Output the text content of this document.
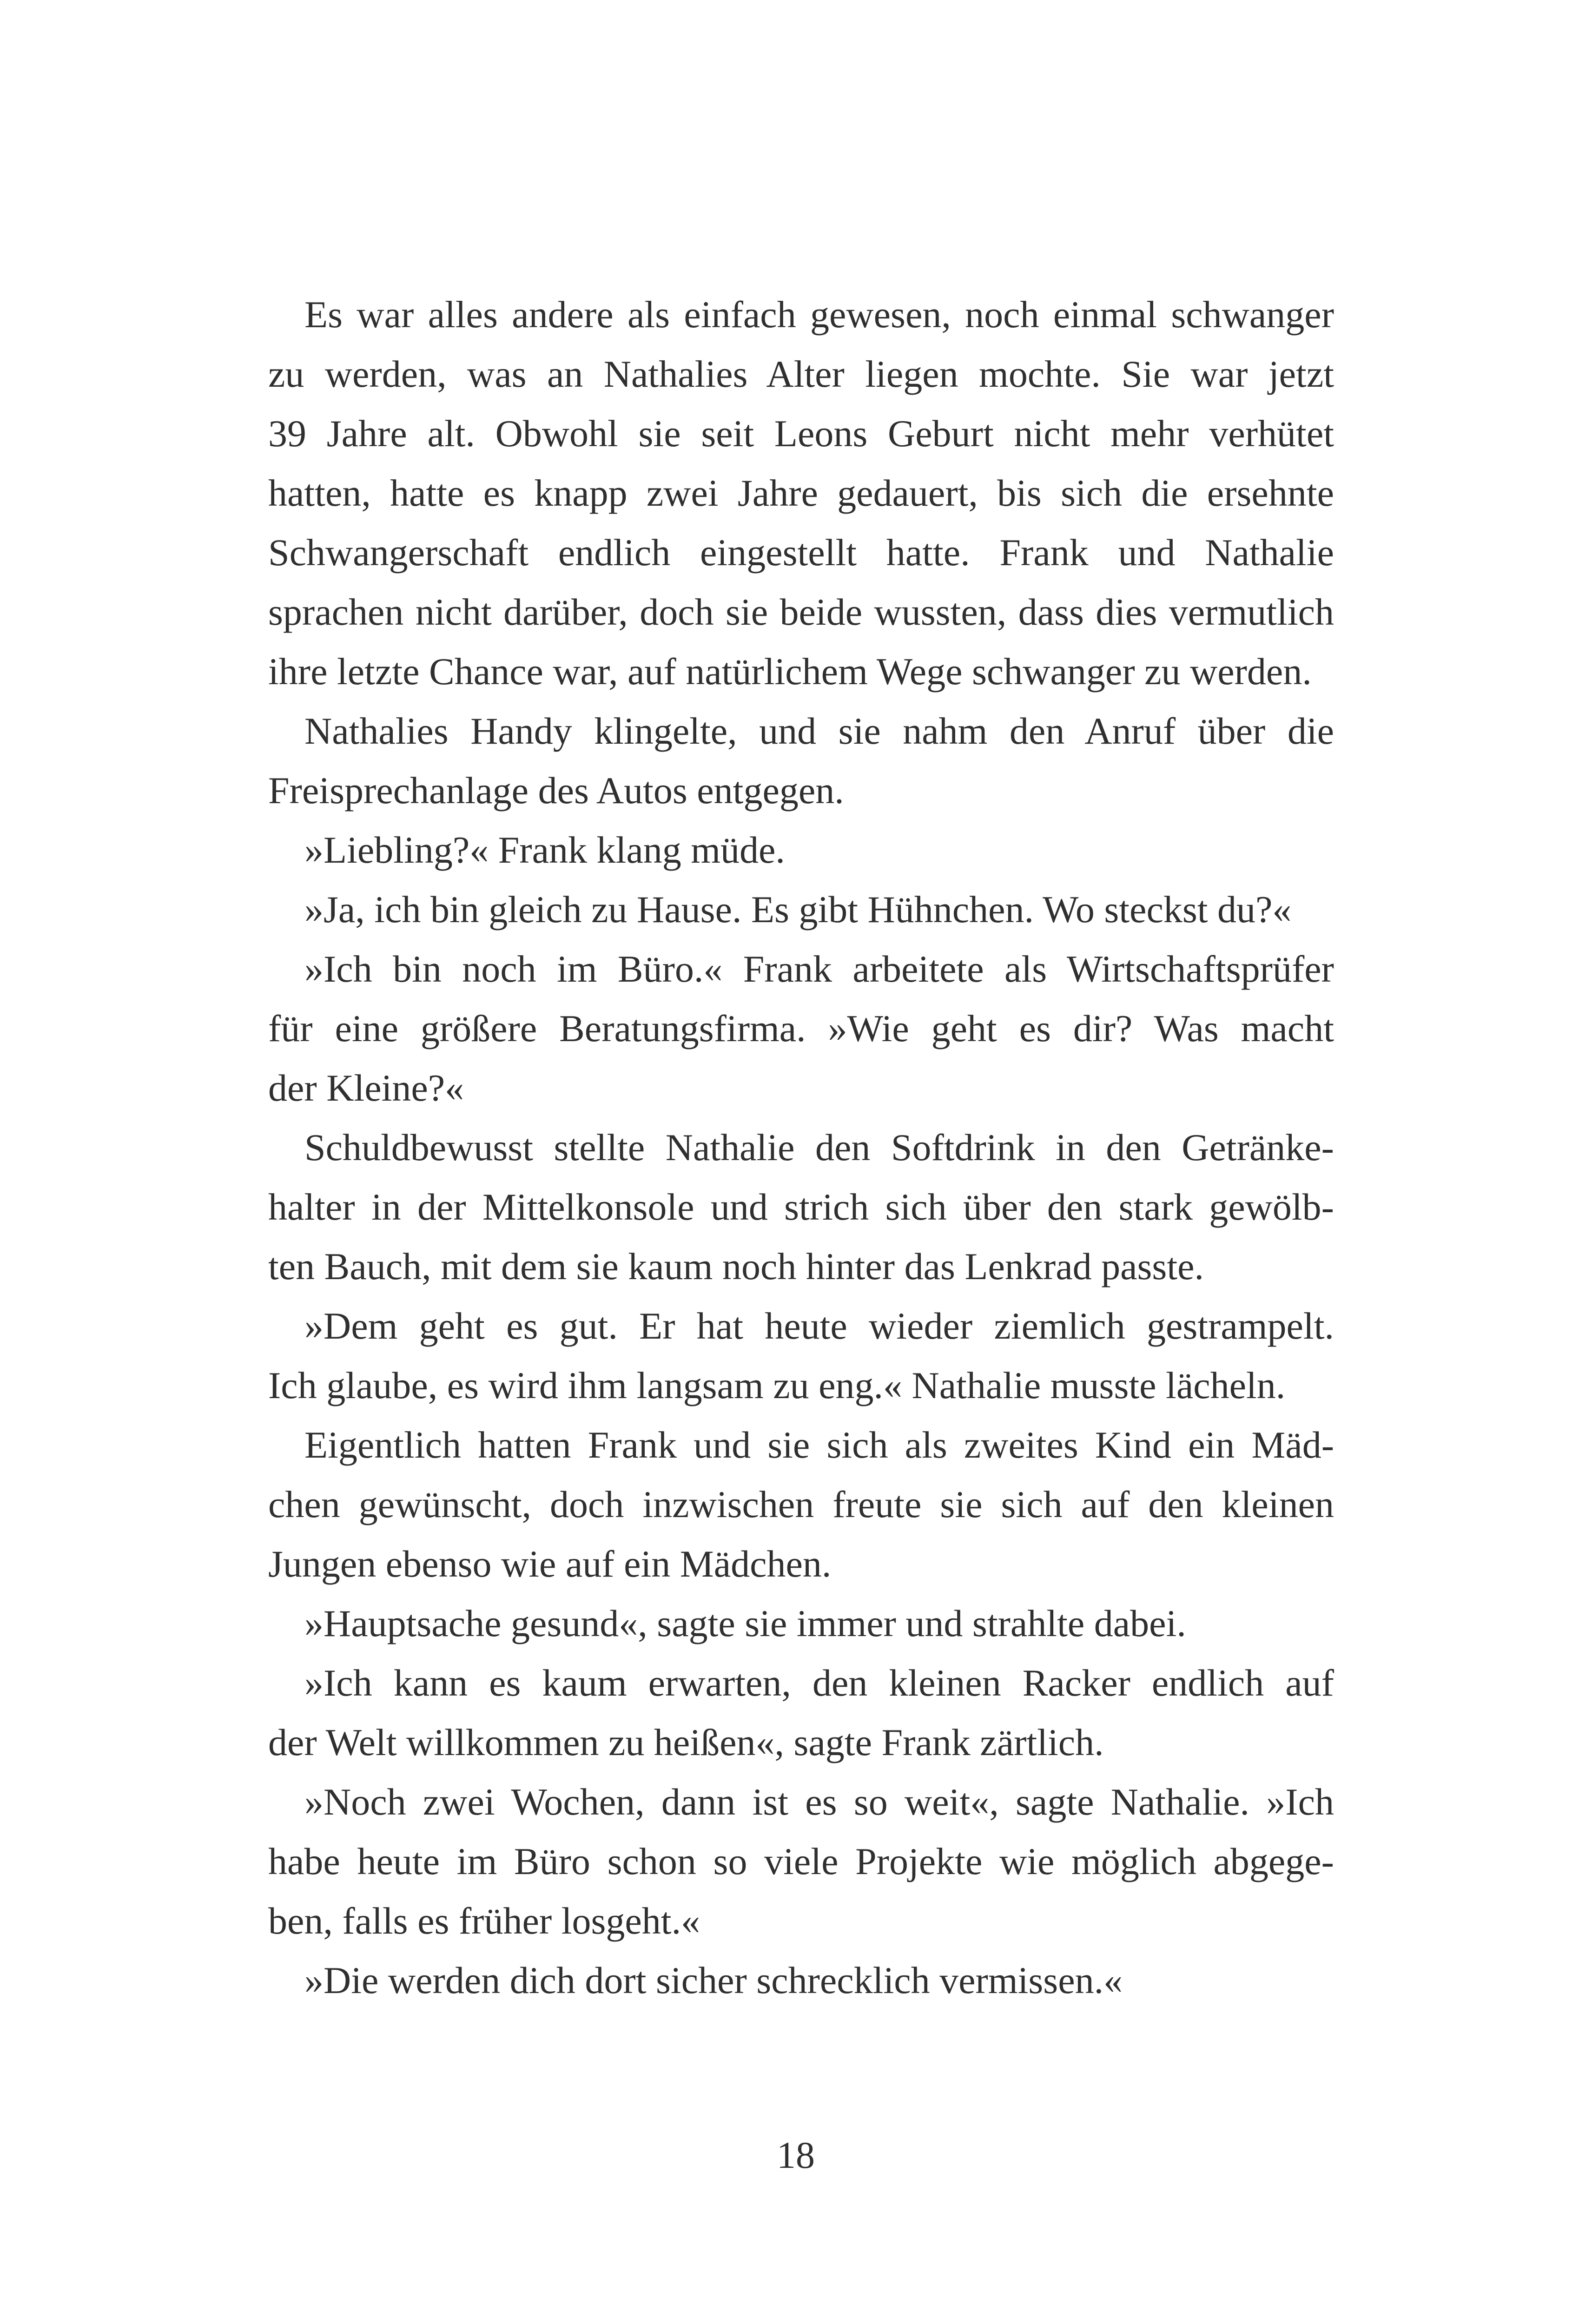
Es war alles andere als einfach gewesen, noch einmal schwanger
zu werden, was an Nathalies Alter liegen mochte. Sie war jetzt
39 Jahre alt. Obwohl sie seit Leons Geburt nicht mehr verhütet
hatten, hatte es knapp zwei Jahre gedauert, bis sich die ersehnte
Schwangerschaft endlich eingestellt hatte. Frank und Nathalie
sprachen nicht darüber, doch sie beide wussten, dass dies vermutlich
ihre letzte Chance war, auf natürlichem Wege schwanger zu werden.
Nathalies Handy klingelte, und sie nahm den Anruf über die
Freisprechanlage des Autos entgegen.
»Liebling?« Frank klang müde.
»Ja, ich bin gleich zu Hause. Es gibt Hühnchen. Wo steckst du?«
»Ich bin noch im Büro.« Frank arbeitete als Wirtschaftsprüfer
für eine größere Beratungsfirma. »Wie geht es dir? Was macht
der Kleine?«
Schuldbewusst stellte Nathalie den Softdrink in den Getränke-
halter in der Mittelkonsole und strich sich über den stark gewölb-
ten Bauch, mit dem sie kaum noch hinter das Lenkrad passte.
»Dem geht es gut. Er hat heute wieder ziemlich gestrampelt.
Ich glaube, es wird ihm langsam zu eng.« Nathalie musste lächeln.
Eigentlich hatten Frank und sie sich als zweites Kind ein Mäd-
chen gewünscht, doch inzwischen freute sie sich auf den kleinen
Jungen ebenso wie auf ein Mädchen.
»Hauptsache gesund«, sagte sie immer und strahlte dabei.
»Ich kann es kaum erwarten, den kleinen Racker endlich auf
der Welt willkommen zu heißen«, sagte Frank zärtlich.
»Noch zwei Wochen, dann ist es so weit«, sagte Nathalie. »Ich
habe heute im Büro schon so viele Projekte wie möglich abgege-
ben, falls es früher losgeht.«
»Die werden dich dort sicher schrecklich vermissen.«
18
